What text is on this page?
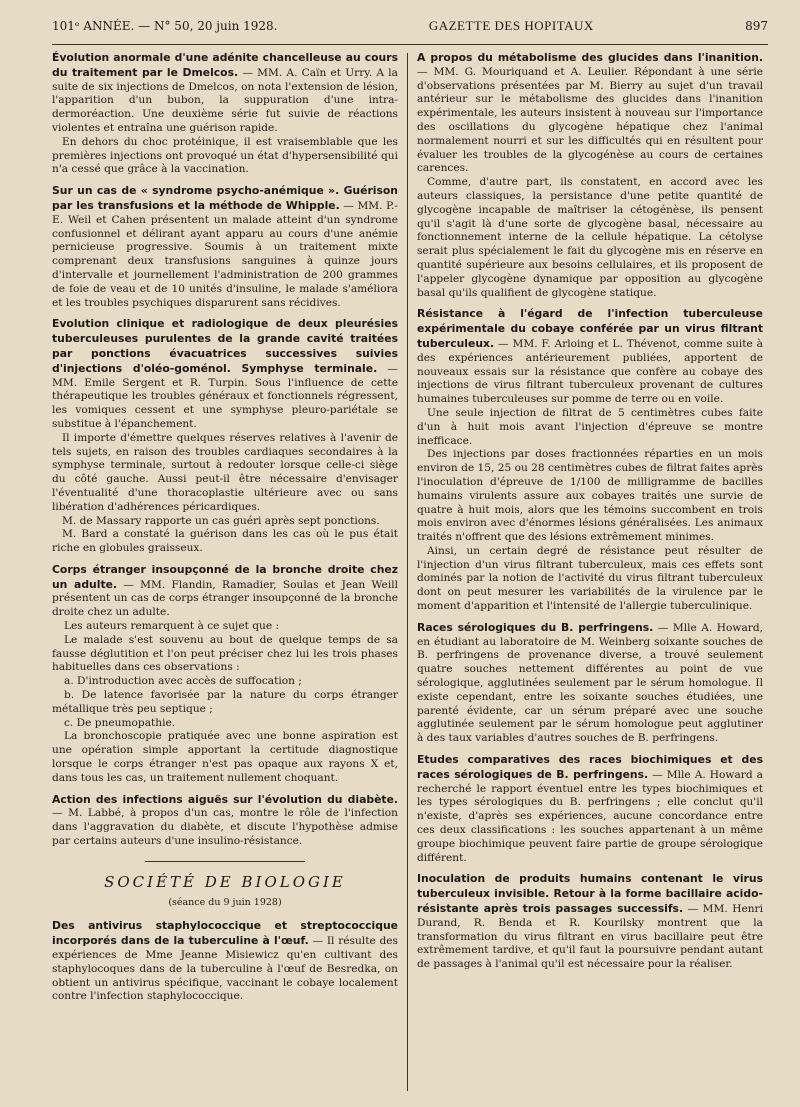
101ᵉ ANNÉE. — N° 50, 20 juin 1928.	GAZETTE DES HOPITAUX	897

Évolution anormale d'une adénite chancelleuse au cours du traitement par le Dmelcos. — MM. A. Caïn et Urry. A la suite de six injections de Dmelcos, on nota l'extension de lésion, l'apparition d'un bubon, la suppuration d'une intra-dermoréaction. Une deuxième série fut suivie de réactions violentes et entraîna une guérison rapide.

En dehors du choc protéinique, il est vraisemblable que les premières injections ont provoqué un état d'hypersensibilité qui n'a cessé que grâce à la vaccination.

Sur un cas de « syndrome psycho-anémique ». Guérison par les transfusions et la méthode de Whipple. — MM. P.-E. Weil et Cahen présentent un malade atteint d'un syndrome confusionnel et délirant ayant apparu au cours d'une anémie pernicieuse progressive. Soumis à un traitement mixte comprenant deux transfusions sanguines à quinze jours d'intervalle et journellement l'administration de 200 grammes de foie de veau et de 10 unités d'insuline, le malade s'améliora et les troubles psychiques disparurent sans récidives.

Evolution clinique et radiologique de deux pleurésies tuberculeuses purulentes de la grande cavité traitées par ponctions évacuatrices successives suivies d'injections d'oléo-goménol. Symphyse terminale. — MM. Emile Sergent et R. Turpin. Sous l'influence de cette thérapeutique les troubles généraux et fonctionnels régressent, les vomiques cessent et une symphyse pleuro-pariétale se substitue à l'épanchement.

Il importe d'émettre quelques réserves relatives à l'avenir de tels sujets, en raison des troubles cardiaques secondaires à la symphyse terminale, surtout à redouter lorsque celle-ci siège du côté gauche. Aussi peut-il être nécessaire d'envisager l'éventualité d'une thoracoplastie ultérieure avec ou sans libération d'adhérences péricardiques.

M. de Massary rapporte un cas guéri après sept ponctions.

M. Bard a constaté la guérison dans les cas où le pus était riche en globules graisseux.

Corps étranger insoupçonné de la bronche droite chez un adulte. — MM. Flandin, Ramadier, Soulas et Jean Weill présentent un cas de corps étranger insoupçonné de la bronche droite chez un adulte.

Les auteurs remarquent à ce sujet que :

Le malade s'est souvenu au bout de quelque temps de sa fausse déglutition et l'on peut préciser chez lui les trois phases habituelles dans ces observations :

a. D'introduction avec accès de suffocation ;

b. De latence favorisée par la nature du corps étranger métallique très peu septique ;

c. De pneumopathie.

La bronchoscopie pratiquée avec une bonne aspiration est une opération simple apportant la certitude diagnostique lorsque le corps étranger n'est pas opaque aux rayons X et, dans tous les cas, un traitement nullement choquant.

Action des infections aiguës sur l'évolution du diabète. — M. Labbé, à propos d'un cas, montre le rôle de l'infection dans l'aggravation du diabète, et discute l'hypothèse admise par certains auteurs d'une insulino-résistance.

SOCIÉTÉ DE BIOLOGIE
(séance du 9 juin 1928)

Des antivirus staphylococcique et streptococcique incorporés dans de la tuberculine à l'œuf. — Il résulte des expériences de Mme Jeanne Misiewicz qu'en cultivant des staphylocoques dans de la tuberculine à l'œuf de Besredka, on obtient un antivirus spécifique, vaccinant le cobaye localement contre l'infection staphylococcique.

A propos du métabolisme des glucides dans l'inanition. — MM. G. Mouriquand et A. Leulier. Répondant à une série d'observations présentées par M. Bierry au sujet d'un travail antérieur sur le métabolisme des glucides dans l'inanition expérimentale, les auteurs insistent à nouveau sur l'importance des oscillations du glycogène hépatique chez l'animal normalement nourri et sur les difficultés qui en résultent pour évaluer les troubles de la glycogénèse au cours de certaines carences.

Comme, d'autre part, ils constatent, en accord avec les auteurs classiques, la persistance d'une petite quantité de glycogène incapable de maîtriser la cétogénèse, ils pensent qu'il s'agit là d'une sorte de glycogène basal, nécessaire au fonctionnement interne de la cellule hépatique. La cétolyse serait plus spécialement le fait du glycogène mis en réserve en quantité supérieure aux besoins cellulaires, et ils proposent de l'appeler glycogène dynamique par opposition au glycogène basal qu'ils qualifient de glycogène statique.

Résistance à l'égard de l'infection tuberculeuse expérimentale du cobaye conférée par un virus filtrant tuberculeux. — MM. F. Arloing et L. Thévenot, comme suite à des expériences antérieurement publiées, apportent de nouveaux essais sur la résistance que confère au cobaye des injections de virus filtrant tuberculeux provenant de cultures humaines tuberculeuses sur pomme de terre ou en voile.

Une seule injection de filtrat de 5 centimètres cubes faite d'un à huit mois avant l'injection d'épreuve se montre inefficace.

Des injections par doses fractionnées réparties en un mois environ de 15, 25 ou 28 centimètres cubes de filtrat faites après l'inoculation d'épreuve de 1/100 de milligramme de bacilles humains virulents assure aux cobayes traités une survie de quatre à huit mois, alors que les témoins succombent en trois mois environ avec d'énormes lésions généralisées. Les animaux traités n'offrent que des lésions extrêmement minimes.

Ainsi, un certain degré de résistance peut résulter de l'injection d'un virus filtrant tuberculeux, mais ces effets sont dominés par la notion de l'activité du virus filtrant tuberculeux dont on peut mesurer les variabilités de la virulence par le moment d'apparition et l'intensité de l'allergie tuberculinique.

Races sérologiques du B. perfringens. — Mlle A. Howard, en étudiant au laboratoire de M. Weinberg soixante souches de B. perfringens de provenance diverse, a trouvé seulement quatre souches nettement différentes au point de vue sérologique, agglutinées seulement par le sérum homologue. Il existe cependant, entre les soixante souches étudiées, une parenté évidente, car un sérum préparé avec une souche agglutinée seulement par le sérum homologue peut agglutiner à des taux variables d'autres souches de B. perfringens.

Etudes comparatives des races biochimiques et des races sérologiques de B. perfringens. — Mlle A. Howard a recherché le rapport éventuel entre les types biochimiques et les types sérologiques du B. perfringens ; elle conclut qu'il n'existe, d'après ses expériences, aucune concordance entre ces deux classifications : les souches appartenant à un même groupe biochimique peuvent faire partie de groupe sérologique différent.

Inoculation de produits humains contenant le virus tuberculeux invisible. Retour à la forme bacillaire acido-résistante après trois passages successifs. — MM. Henri Durand, R. Benda et R. Kourilsky montrent que la transformation du virus filtrant en virus bacillaire peut être extrêmement tardive, et qu'il faut la poursuivre pendant autant de passages à l'animal qu'il est nécessaire pour la réaliser.
